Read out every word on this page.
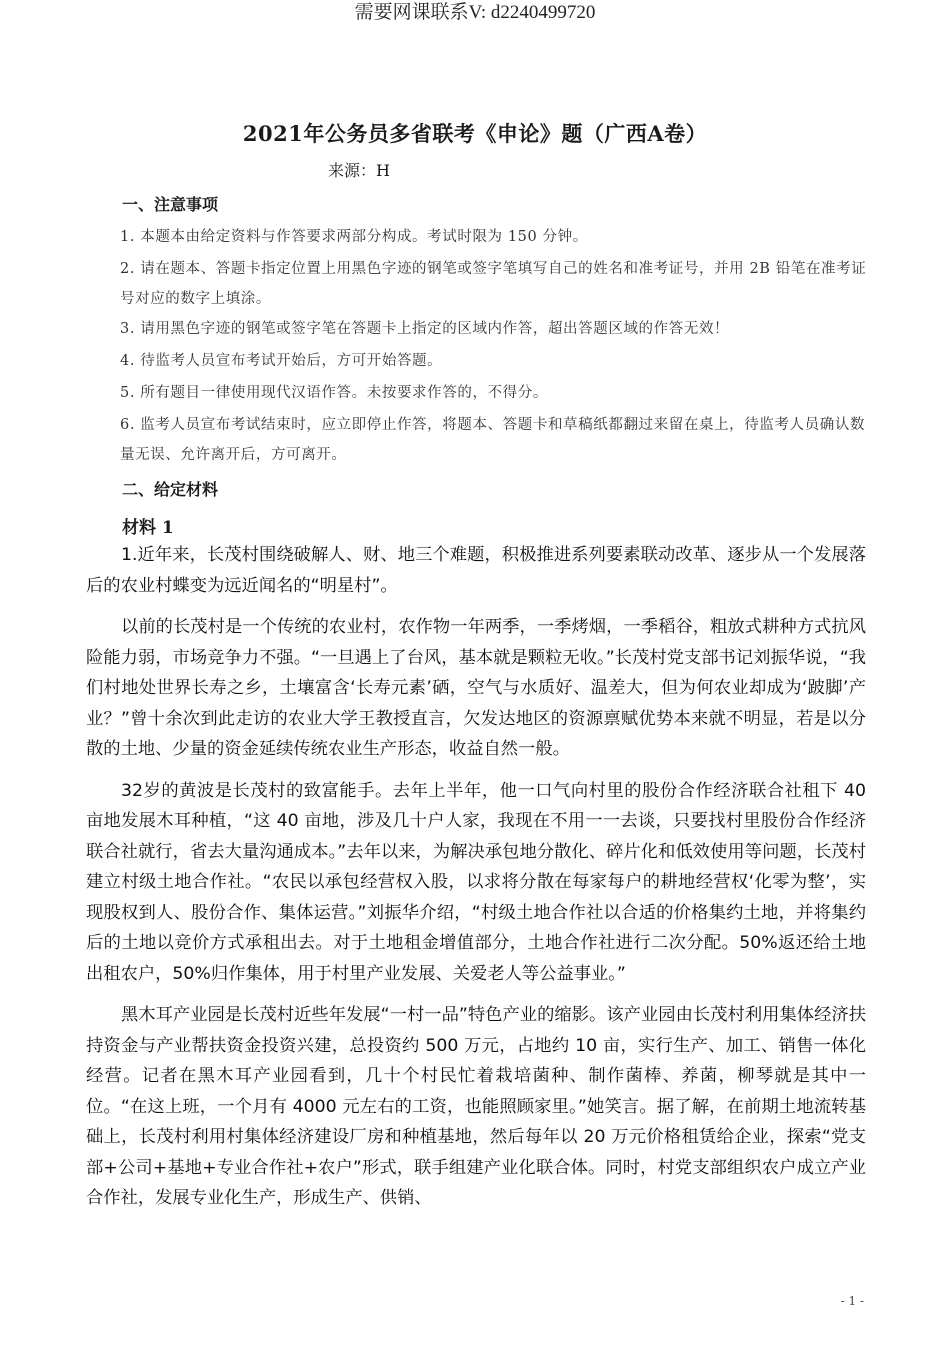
需要网课联系V: d2240499720
2021年公务员多省联考《申论》题（广西A卷）
来源：H
一、注意事项
1. 本题本由给定资料与作答要求两部分构成。考试时限为 150 分钟。
2. 请在题本、答题卡指定位置上用黑色字迹的钢笔或签字笔填写自己的姓名和准考证号，并用 2B 铅笔在准考证号对应的数字上填涂。
3. 请用黑色字迹的钢笔或签字笔在答题卡上指定的区域内作答，超出答题区域的作答无效！
4. 待监考人员宣布考试开始后，方可开始答题。
5. 所有题目一律使用现代汉语作答。未按要求作答的，不得分。
6. 监考人员宣布考试结束时，应立即停止作答，将题本、答题卡和草稿纸都翻过来留在桌上，待监考人员确认数量无误、允许离开后，方可离开。
二、给定材料
材料 1

1.近年来，长茂村围绕破解人、财、地三个难题，积极推进系列要素联动改革、逐步从一个发展落后的农业村蝶变为远近闻名的“明星村”。

以前的长茂村是一个传统的农业村，农作物一年两季，一季烤烟，一季稻谷，粗放式耕种方式抗风险能力弱，市场竞争力不强。“一旦遇上了台风，基本就是颗粒无收。”长茂村党支部书记刘振华说，“我们村地处世界长寿之乡，土壤富含‘长寿元素’硒，空气与水质好、温差大，但为何农业却成为‘跛脚’产业？”曾十余次到此走访的农业大学王教授直言，欠发达地区的资源禀赋优势本来就不明显，若是以分散的土地、少量的资金延续传统农业生产形态，收益自然一般。

32岁的黄波是长茂村的致富能手。去年上半年，他一口气向村里的股份合作经济联合社租下 40 亩地发展木耳种植，“这 40 亩地，涉及几十户人家，我现在不用一一去谈，只要找村里股份合作经济联合社就行，省去大量沟通成本。”去年以来，为解决承包地分散化、碎片化和低效使用等问题，长茂村建立村级土地合作社。“农民以承包经营权入股，以求将分散在每家每户的耕地经营权‘化零为整’，实现股权到人、股份合作、集体运营。”刘振华介绍，“村级土地合作社以合适的价格集约土地，并将集约后的土地以竞价方式承租出去。对于土地租金增值部分，土地合作社进行二次分配。50%返还给土地出租农户，50%归作集体，用于村里产业发展、关爱老人等公益事业。”

黑木耳产业园是长茂村近些年发展“一村一品”特色产业的缩影。该产业园由长茂村利用集体经济扶持资金与产业帮扶资金投资兴建，总投资约 500 万元，占地约 10 亩，实行生产、加工、销售一体化经营。记者在黑木耳产业园看到，几十个村民忙着栽培菌种、制作菌棒、养菌，柳琴就是其中一位。“在这上班，一个月有 4000 元左右的工资，也能照顾家里。”她笑言。据了解，在前期土地流转基础上，长茂村利用村集体经济建设厂房和种植基地，然后每年以 20 万元价格租赁给企业，探索“党支部+公司+基地+专业合作社+农户”形式，联手组建产业化联合体。同时，村党支部组织农户成立产业合作社，发展专业化生产，形成生产、供销、

- 1 -
